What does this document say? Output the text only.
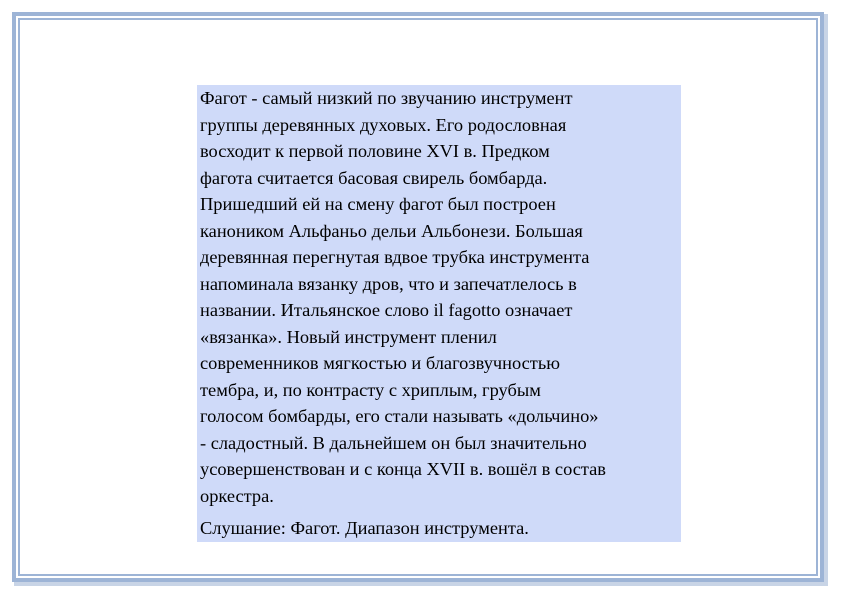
Фагот - самый низкий по звучанию инструмент
группы деревянных духовых. Его родословная
восходит к первой половине XVI в. Предком
фагота считается басовая свирель бомбарда.
Пришедший ей на смену фагот был построен
каноником Альфаньо дельи Альбонези. Большая
деревянная перегнутая вдвое трубка инструмента
напоминала вязанку дров, что и запечатлелось в
названии. Итальянское слово il fagotto означает
«вязанка». Новый инструмент пленил
современников мягкостью и благозвучностью
тембра, и, по контрасту с хриплым, грубым
голосом бомбарды, его стали называть «дольчино»
- сладостный. В дальнейшем он был значительно
усовершенствован и с конца XVII в. вошёл в состав
оркестра.

Слушание: Фагот. Диапазон инструмента.
